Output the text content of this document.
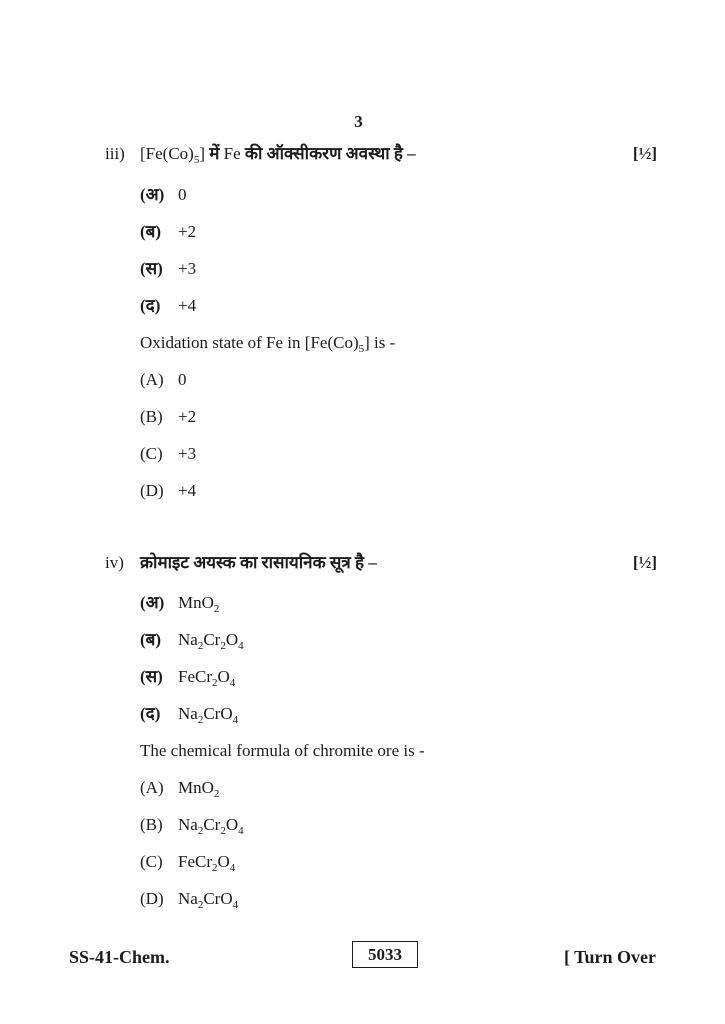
3
iii) $[Fe(Co)_5]$ में Fe की ऑक्सीकरण अवस्था है –	[½]
(अ) 0
(ब) +2
(स) +3
(द)	+4
Oxidation state of Fe in $[Fe(Co)_5]$ is -
(A) 0
(B) +2
(C) +3
(D) +4
iv) क्रोमाइट अयस्क का रासायनिक सूत्र है –	[½]
(अ) MnO$_2$
(ब) $Na_2Cr_2O_4$
(स) $FeCr_2O_4$
(द)	$Na_2CrO_4$
The chemical formula of chromite ore is -
(A) MnO$_2$
(B) $Na_2Cr_2O_4$
(C) $FeCr_2O_4$
(D) $Na_2CrO_4$
SS-41-Chem.	5033	[ Turn Over
